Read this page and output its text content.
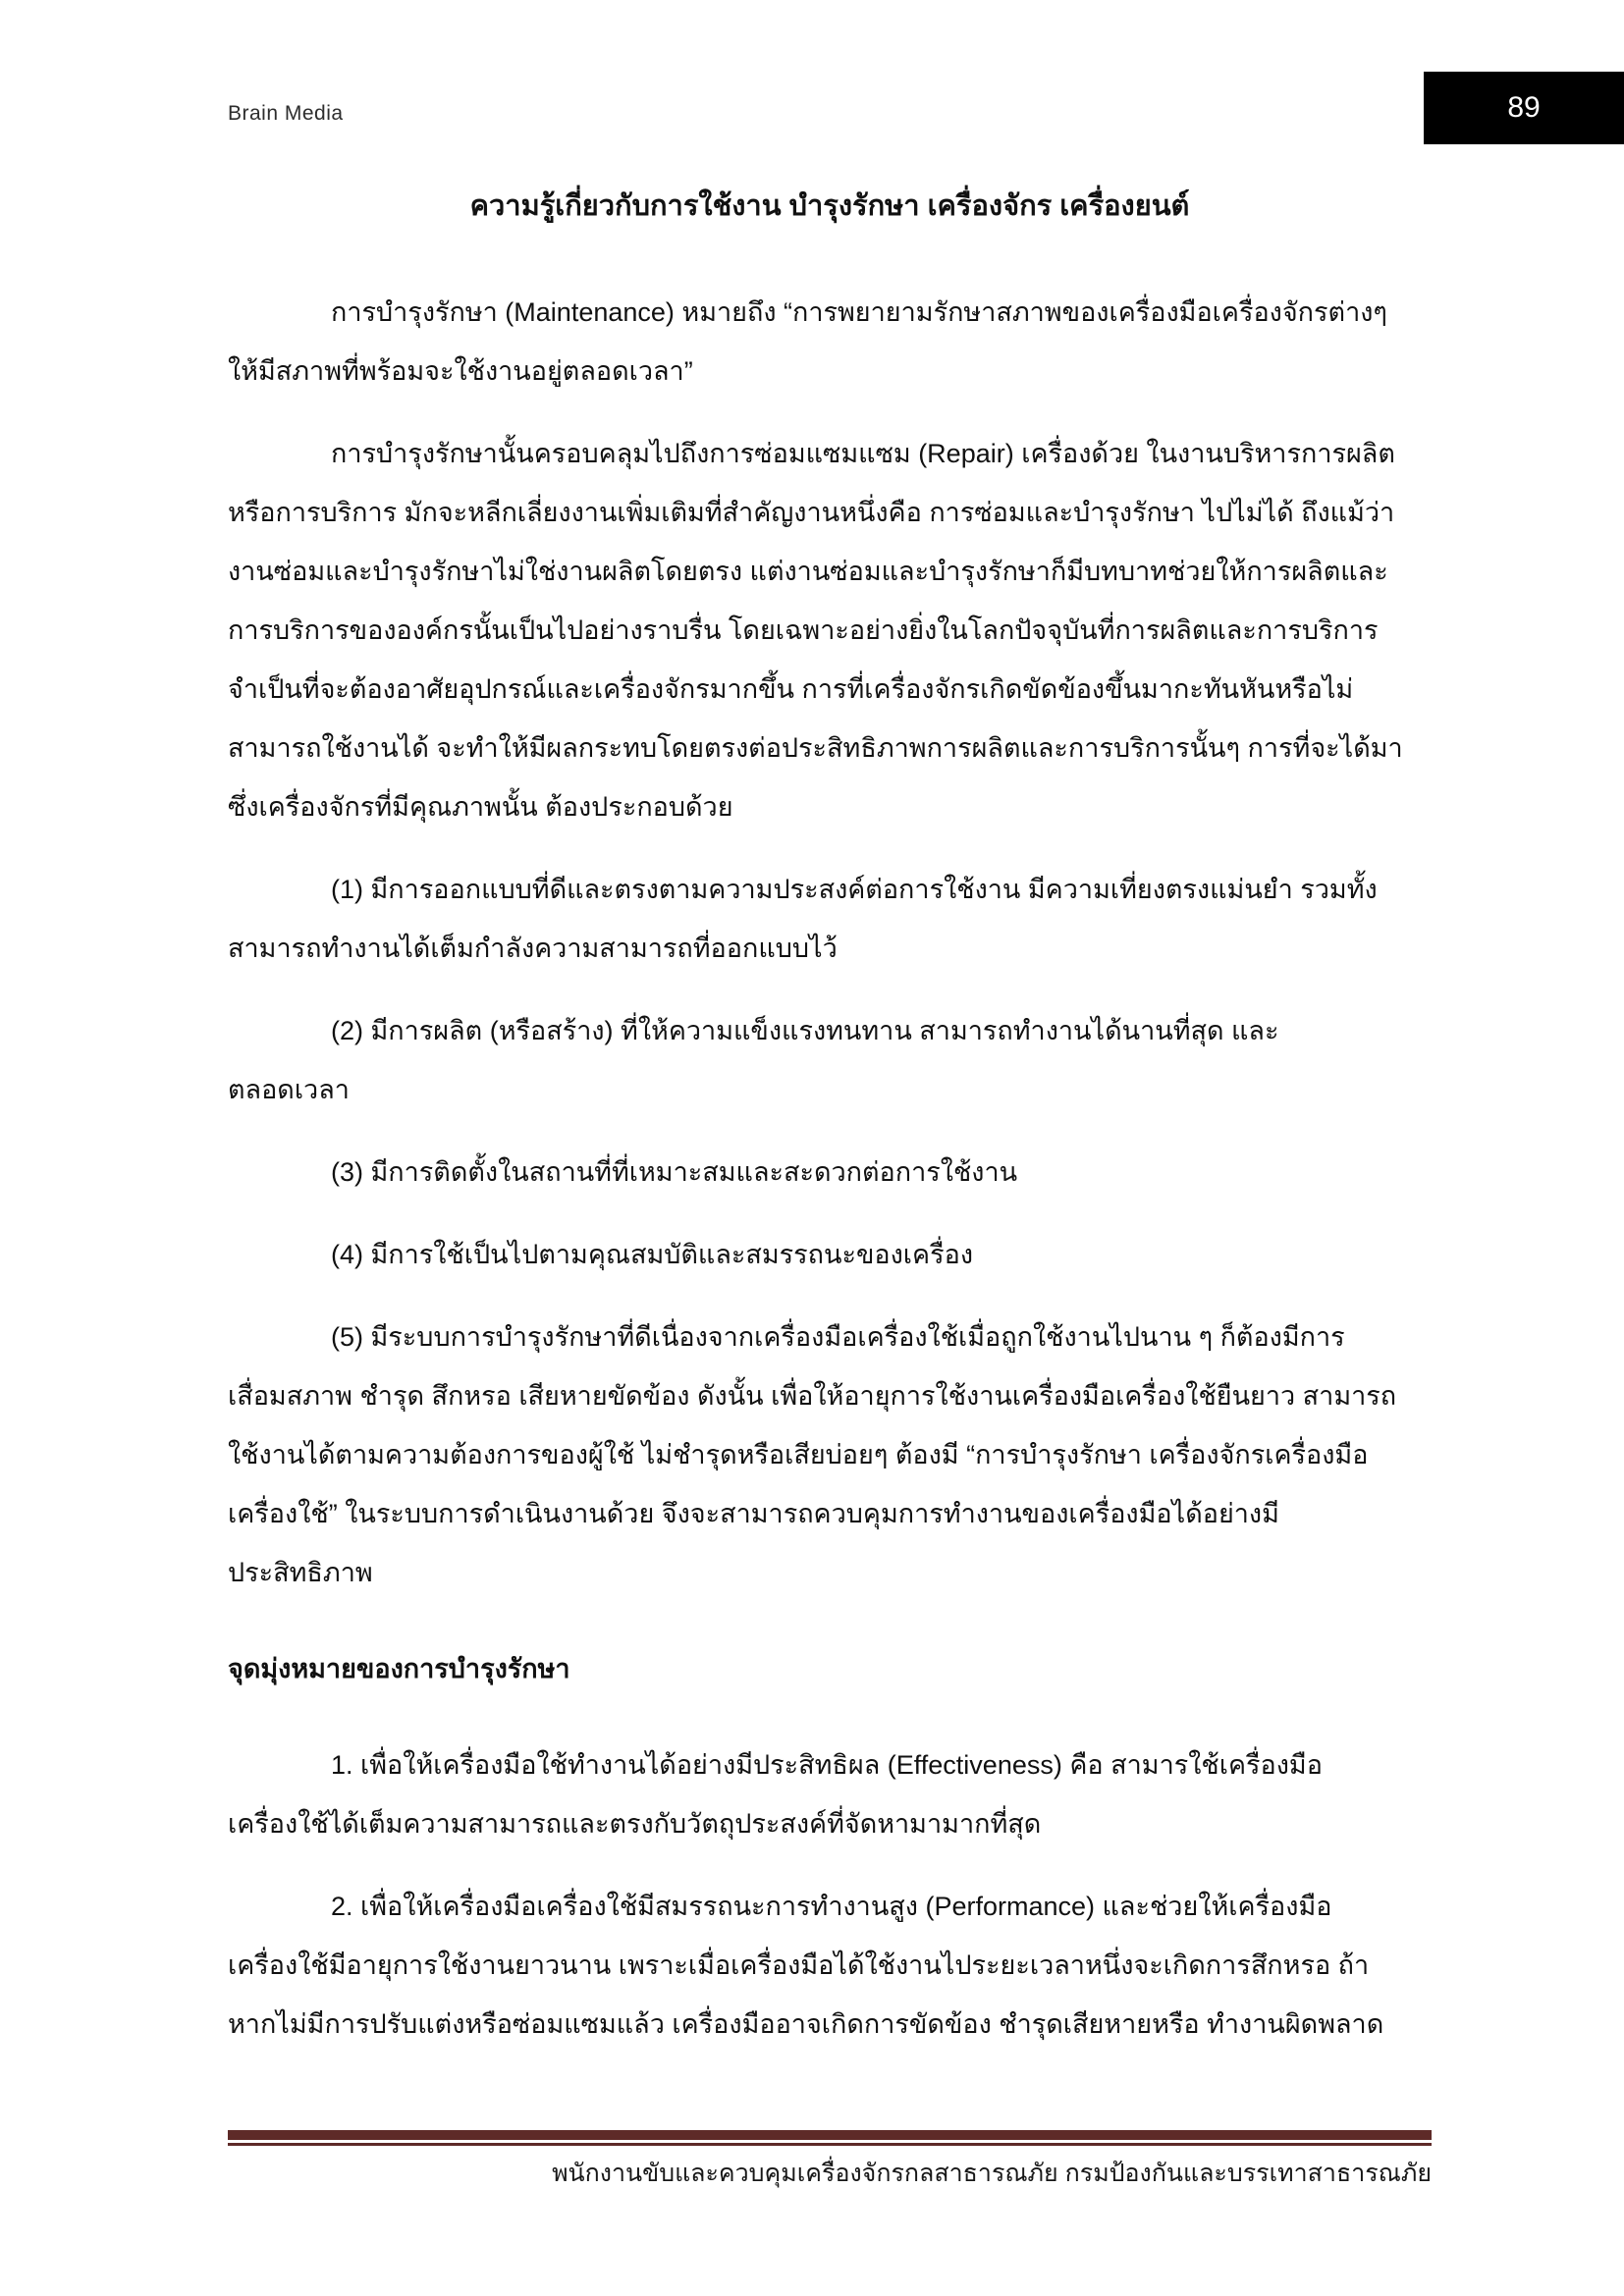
Brain Media	89
ความรู้เกี่ยวกับการใช้งาน บำรุงรักษา เครื่องจักร เครื่องยนต์
การบำรุงรักษา (Maintenance) หมายถึง “การพยายามรักษาสภาพของเครื่องมือเครื่องจักรต่างๆ
ให้มีสภาพที่พร้อมจะใช้งานอยู่ตลอดเวลา”
การบำรุงรักษานั้นครอบคลุมไปถึงการซ่อมแซมแซม (Repair) เครื่องด้วย ในงานบริหารการผลิต
หรือการบริการ มักจะหลีกเลี่ยงงานเพิ่มเติมที่สำคัญงานหนึ่งคือ การซ่อมและบำรุงรักษา ไปไม่ได้ ถึงแม้ว่า
งานซ่อมและบำรุงรักษาไม่ใช่งานผลิตโดยตรง แต่งานซ่อมและบำรุงรักษาก็มีบทบาทช่วยให้การผลิตและ
การบริการขององค์กรนั้นเป็นไปอย่างราบรื่น โดยเฉพาะอย่างยิ่งในโลกปัจจุบันที่การผลิตและการบริการ
จำเป็นที่จะต้องอาศัยอุปกรณ์และเครื่องจักรมากขึ้น การที่เครื่องจักรเกิดขัดข้องขึ้นมากะทันหันหรือไม่
สามารถใช้งานได้ จะทำให้มีผลกระทบโดยตรงต่อประสิทธิภาพการผลิตและการบริการนั้นๆ การที่จะได้มา
ซึ่งเครื่องจักรที่มีคุณภาพนั้น ต้องประกอบด้วย
(1) มีการออกแบบที่ดีและตรงตามความประสงค์ต่อการใช้งาน มีความเที่ยงตรงแม่นยำ รวมทั้ง
สามารถทำงานได้เต็มกำลังความสามารถที่ออกแบบไว้
(2) มีการผลิต (หรือสร้าง) ที่ให้ความแข็งแรงทนทาน สามารถทำงานได้นานที่สุด และ
ตลอดเวลา
(3) มีการติดตั้งในสถานที่ที่เหมาะสมและสะดวกต่อการใช้งาน
(4) มีการใช้เป็นไปตามคุณสมบัติและสมรรถนะของเครื่อง
(5) มีระบบการบำรุงรักษาที่ดีเนื่องจากเครื่องมือเครื่องใช้เมื่อถูกใช้งานไปนาน ๆ ก็ต้องมีการ
เสื่อมสภาพ ชำรุด สึกหรอ เสียหายขัดข้อง ดังนั้น เพื่อให้อายุการใช้งานเครื่องมือเครื่องใช้ยืนยาว สามารถ
ใช้งานได้ตามความต้องการของผู้ใช้ ไม่ชำรุดหรือเสียบ่อยๆ ต้องมี “การบำรุงรักษา เครื่องจักรเครื่องมือ
เครื่องใช้” ในระบบการดำเนินงานด้วย จึงจะสามารถควบคุมการทำงานของเครื่องมือได้อย่างมี
ประสิทธิภาพ
จุดมุ่งหมายของการบำรุงรักษา
1. เพื่อให้เครื่องมือใช้ทำงานได้อย่างมีประสิทธิผล (Effectiveness) คือ สามารใช้เครื่องมือ
เครื่องใช้ได้เต็มความสามารถและตรงกับวัตถุประสงค์ที่จัดหามามากที่สุด
2. เพื่อให้เครื่องมือเครื่องใช้มีสมรรถนะการทำงานสูง (Performance) และช่วยให้เครื่องมือ
เครื่องใช้มีอายุการใช้งานยาวนาน เพราะเมื่อเครื่องมือได้ใช้งานไประยะเวลาหนึ่งจะเกิดการสึกหรอ ถ้า
หากไม่มีการปรับแต่งหรือซ่อมแซมแล้ว เครื่องมืออาจเกิดการขัดข้อง ชำรุดเสียหายหรือ ทำงานผิดพลาด
พนักงานขับและควบคุมเครื่องจักรกลสาธารณภัย กรมป้องกันและบรรเทาสาธารณภัย
